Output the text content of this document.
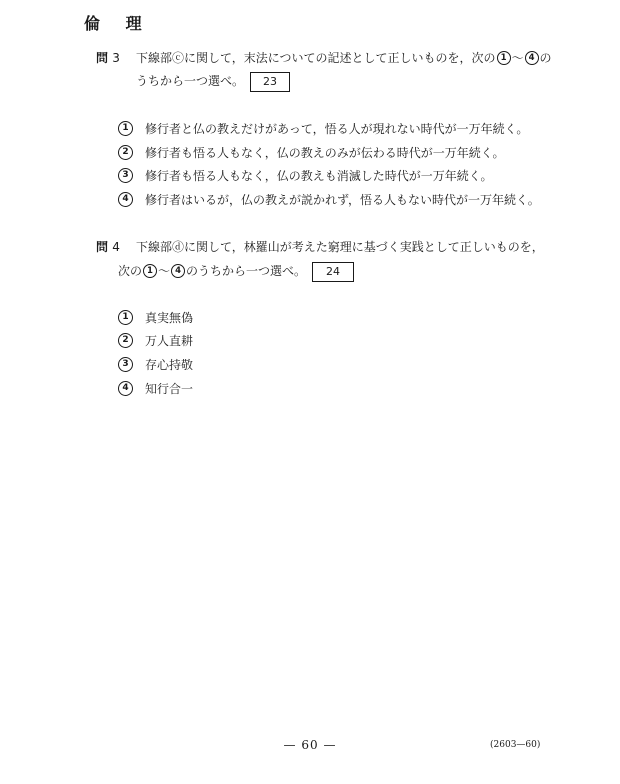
倫 理
問 3 下線部ⓒに関して，末法についての記述として正しいものを，次の 1 〜 4 の
うちから一つ選べ。 23
1 修行者と仏の教えだけがあって，悟る人が現れない時代が一万年続く。
2 修行者も悟る人もなく，仏の教えのみが伝わる時代が一万年続く。
3 修行者も悟る人もなく，仏の教えも消滅した時代が一万年続く。
4 修行者はいるが，仏の教えが説かれず，悟る人もない時代が一万年続く。
問 4 下線部ⓓに関して，林羅山が考えた窮理に基づく実践として正しいものを，
次の 1 〜 4 のうちから一つ選べ。 24
1 真実無偽
2 万人直耕
3 存心持敬
4 知行合一
— 60 —	(2603—60)
